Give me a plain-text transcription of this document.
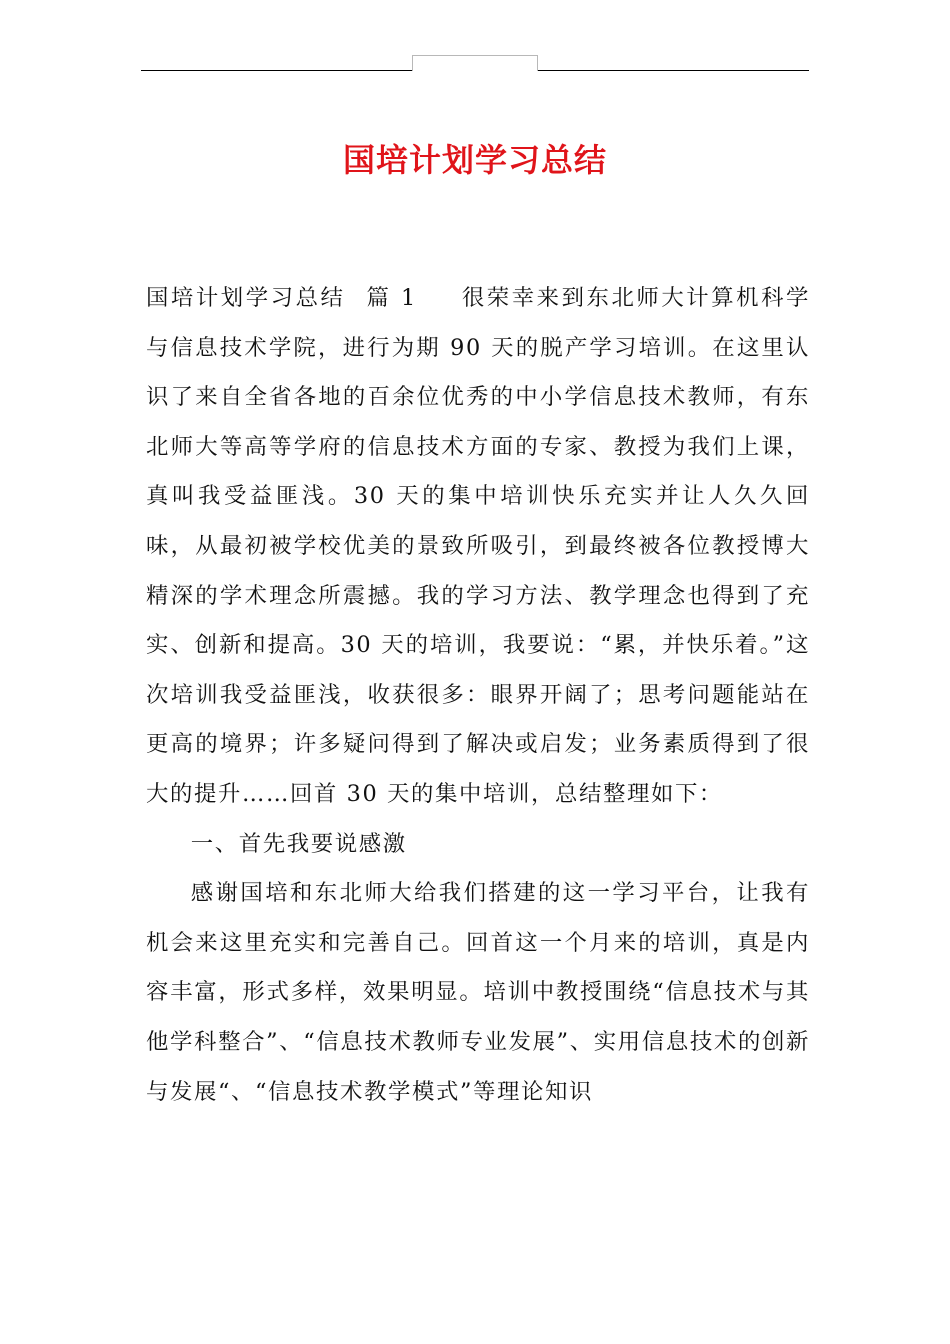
国培计划学习总结

国培计划学习总结 篇 1 很荣幸来到东北师大计算机科学与信息技术学院，进行为期 90 天的脱产学习培训。在这里认识了来自全省各地的百余位优秀的中小学信息技术教师，有东北师大等高等学府的信息技术方面的专家、教授为我们上课，真叫我受益匪浅。30 天的集中培训快乐充实并让人久久回味，从最初被学校优美的景致所吸引，到最终被各位教授博大精深的学术理念所震撼。我的学习方法、教学理念也得到了充实、创新和提高。30 天的培训，我要说：“累，并快乐着。”这次培训我受益匪浅，收获很多：眼界开阔了；思考问题能站在更高的境界；许多疑问得到了解决或启发；业务素质得到了很大的提升……回首 30 天的集中培训，总结整理如下：

一、首先我要说感激

感谢国培和东北师大给我们搭建的这一学习平台，让我有机会来这里充实和完善自己。回首这一个月来的培训，真是内容丰富，形式多样，效果明显。培训中教授围绕“信息技术与其他学科整合”、“信息技术教师专业发展”、实用信息技术的创新与发展“、“信息技术教学模式”等理论知识
